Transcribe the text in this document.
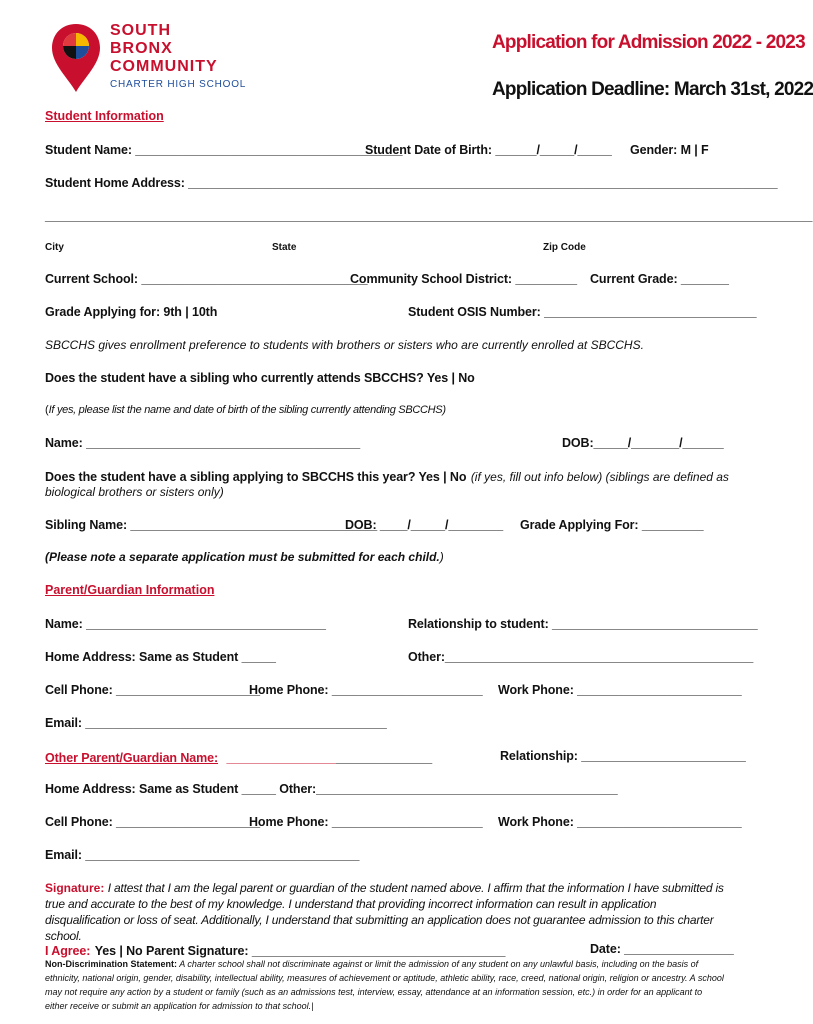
SOUTH
BRONX
COMMUNITY
CHARTER HIGH SCHOOL
Application for Admission 2022 - 2023
Application Deadline: March 31st, 2022
Student Information
Student Name: _______________________________________
Student Date of Birth: ______/_____/_____ Gender: M | F
Student Home Address: ______________________________________________________________________________________
________________________________________________________________________________________________________________
City	State	Zip Code
Current School: _________________________________
Community School District: _________ Current Grade: _______
Grade Applying for: 9th | 10th	Student OSIS Number: _______________________________
SBCCHS gives enrollment preference to students with brothers or sisters who are currently enrolled at SBCCHS.
Does the student have a sibling who currently attends SBCCHS? Yes | No
(If yes, please list the name and date of birth of the sibling currently attending SBCCHS)
Name: ________________________________________	DOB:_____/_______/______
Does the student have a sibling applying to SBCCHS this year? Yes | No (if yes, fill out info below) (siblings are defined as
biological brothers or sisters only)
Sibling Name: ____________________________________
DOB: ____/_____/________ Grade Applying For: _________
(Please note a separate application must be submitted for each child.)
Parent/Guardian Information
Name: ___________________________________	Relationship to student: ______________________________
Home Address: Same as Student _____	Other:_____________________________________________
Cell Phone: _____________________
Home Phone: ______________________ Work Phone: ________________________
Email: ____________________________________________
Other Parent/Guardian Name: ______________________________	Relationship: ________________________
Home Address: Same as Student _____ Other:____________________________________________
Cell Phone: _____________________
Home Phone: ______________________ Work Phone: ________________________
Email: ________________________________________
Signature: I attest that I am the legal parent or guardian of the student named above. I affirm that the information I have submitted is true and accurate to the best of my knowledge. I understand that providing incorrect information can result in application disqualification or loss of seat. Additionally, I understand that submitting an application does not guarantee admission to this charter school.
I Agree: Yes | No Parent Signature: _____________________________________	Date: ________________
Non-Discrimination Statement: A charter school shall not discriminate against or limit the admission of any student on any unlawful basis, including on the basis of ethnicity, national origin, gender, disability, intellectual ability, measures of achievement or aptitude, athletic ability, race, creed, national origin, religion or ancestry. A school may not require any action by a student or family (such as an admissions test, interview, essay, attendance at an information session, etc.) in order for an applicant to either receive or submit an application for admission to that school.|
